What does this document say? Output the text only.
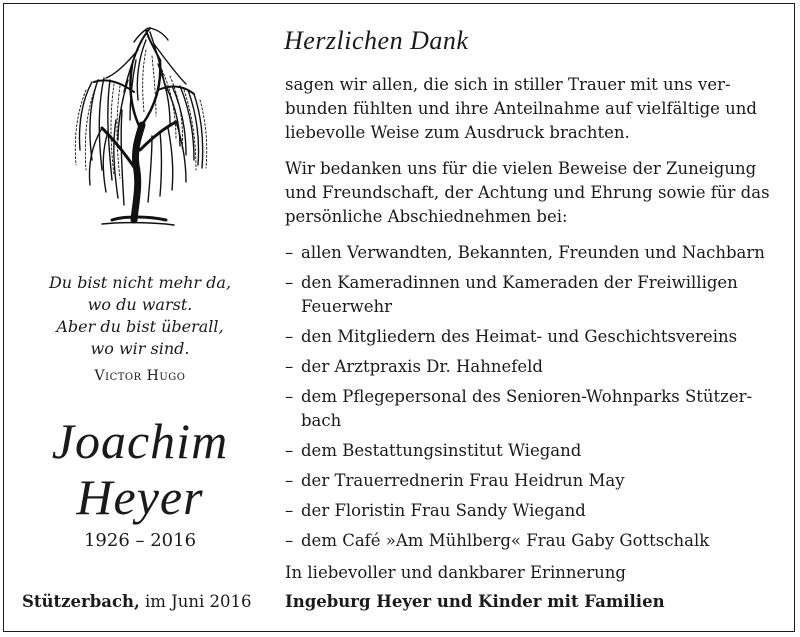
Du bist nicht mehr da,
wo du warst.
Aber du bist überall,
wo wir sind.
Victor Hugo
Joachim
Heyer
1926 – 2016
Stützerbach, im Juni 2016
Herzlichen Dank
sagen wir allen, die sich in stiller Trauer mit uns ver-
bunden fühlten und ihre Anteilnahme auf vielfältige und
liebevolle Weise zum Ausdruck brachten.
Wir bedanken uns für die vielen Beweise der Zuneigung
und Freundschaft, der Achtung und Ehrung sowie für das
persönliche Abschiednehmen bei:
– allen Verwandten, Bekannten, Freunden und Nachbarn
– den Kameradinnen und Kameraden der Freiwilligen
Feuerwehr
– den Mitgliedern des Heimat- und Geschichtsvereins
– der Arztpraxis Dr. Hahnefeld
– dem Pflegepersonal des Senioren-Wohnparks Stützer-
bach
– dem Bestattungsinstitut Wiegand
– der Trauerrednerin Frau Heidrun May
– der Floristin Frau Sandy Wiegand
– dem Café »Am Mühlberg« Frau Gaby Gottschalk
In liebevoller und dankbarer Erinnerung
Ingeburg Heyer und Kinder mit Familien
